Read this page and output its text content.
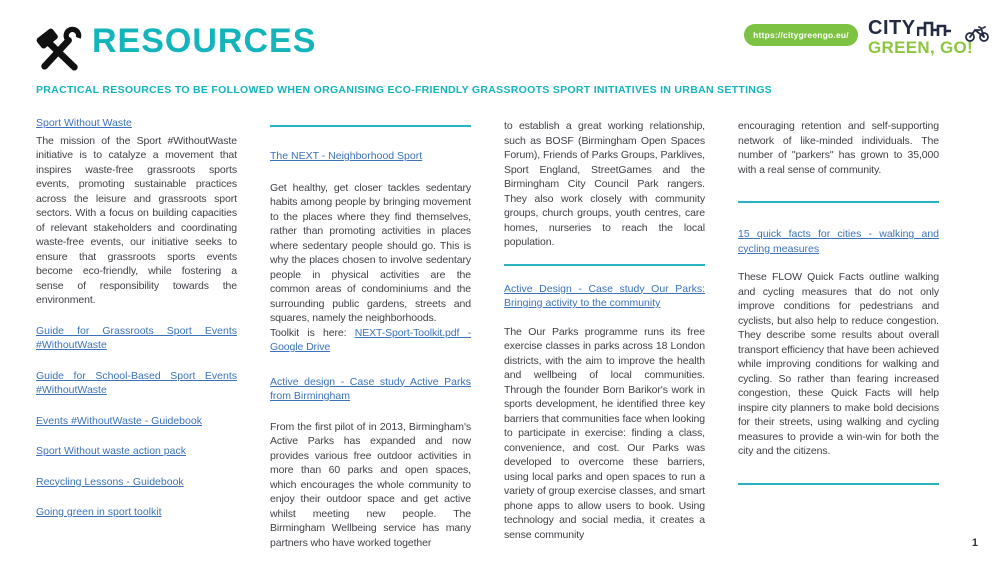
RESOURCES	https://citygreengo.eu/ CITY
GREEN, GO!
PRACTICAL RESOURCES TO BE FOLLOWED WHEN ORGANISING ECO-FRIENDLY GRASSROOTS SPORT INITIATIVES IN URBAN SETTINGS

Sport Without Waste

The mission of the Sport #WithoutWaste initiative is to catalyze a movement that inspires waste-free grassroots sports events, promoting sustainable practices across the leisure and grassroots sport sectors. With a focus on building capacities of relevant stakeholders and coordinating waste-free events, our initiative seeks to ensure that grassroots sports events become eco-friendly, while fostering a sense of responsibility towards the environment.

Guide for Grassroots Sport Events #WithoutWaste

Guide for School-Based Sport Events #WithoutWaste

Events #WithoutWaste - Guidebook

Sport Without waste action pack

Recycling Lessons - Guidebook

Going green in sport toolkit

The NEXT - Neighborhood Sport

Get healthy, get closer tackles sedentary habits among people by bringing movement to the places where they find themselves, rather than promoting activities in places where sedentary people should go. This is why the places chosen to involve sedentary people in physical activities are the common areas of condominiums and the surrounding public gardens, streets and squares, namely the neighborhoods.

Toolkit is here: NEXT-Sport-Toolkit.pdf - Google Drive

Active design - Case study Active Parks from Birmingham

From the first pilot of in 2013, Birmingham's Active Parks has expanded and now provides various free outdoor activities in more than 60 parks and open spaces, which encourages the whole community to enjoy their outdoor space and get active whilst meeting new people. The Birmingham Wellbeing service has many partners who have worked together

to establish a great working relationship, such as BOSF (Birmingham Open Spaces Forum), Friends of Parks Groups, Parklives, Sport England, StreetGames and the Birmingham City Council Park rangers. They also work closely with community groups, church groups, youth centres, care homes, nurseries to reach the local population.

Active Design - Case study Our Parks: Bringing activity to the community

The Our Parks programme runs its free exercise classes in parks across 18 London districts, with the aim to improve the health and wellbeing of local communities. Through the founder Born Barikor's work in sports development, he identified three key barriers that communities face when looking to participate in exercise: finding a class, convenience, and cost. Our Parks was developed to overcome these barriers, using local parks and open spaces to run a variety of group exercise classes, and smart phone apps to allow users to book. Using technology and social media, it creates a sense community

encouraging retention and self-supporting network of like-minded individuals. The number of "parkers" has grown to 35,000 with a real sense of community.

15 quick facts for cities - walking and cycling measures

These FLOW Quick Facts outline walking and cycling measures that do not only improve conditions for pedestrians and cyclists, but also help to reduce congestion. They describe some results about overall transport efficiency that have been achieved while improving conditions for walking and cycling. So rather than fearing increased congestion, these Quick Facts will help inspire city planners to make bold decisions for their streets, using walking and cycling measures to provide a win-win for both the city and the citizens.

1
